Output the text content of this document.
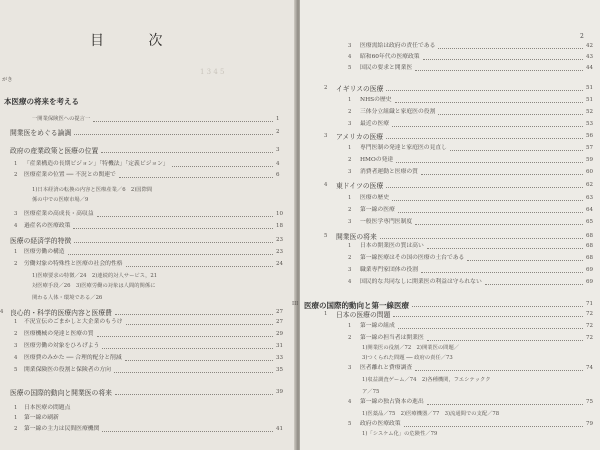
目 次
がき
1 3 4 5
本医療の将来を考える
一開業保険医への提言一	1
開業医をめぐる論調	2
政府の産業政策と医療の位置	3
1 「産業構造の長期ビジョン」「特機法」「定義ビジョン」	4
2 医療産業の位置 ── 不況との関連で	6
1)日本経済の転換の内容と医療産業／6　2)国際間
係の中での医療市場／9
3 医療産業の高成長・高収益	10
4 過産名の医療政策	18
医療の経済学的特徴	23
1 医療労働の構造	23
2 労働対象の特殊性と医療の社会的性格	24
1)医療要求の特徴／24　2)連続的対人サービス，21
対医療手段／26　3)医療労働の対象は人間的関係に
関わる人体・環境である／26
4 良心的・科学的医療内容と医療費	27
1 不況宣伝のごまかしと大企業のもうけ	27
2 医療機械の発達と医療の質	29
3 医療労働の対象をひろげよう	31
4 医療費のみかた ── 合理的配分と削減	33
5 開業保険医の役割と保険者の方向	35
医療の国際的動向と開業医の将来	39
1 日本医療の問題点
1 第一線の刷新
2 第一線の主力は民間医療機関	41
2
3 医療需給は政府の責任である	42
4 昭和60年代の医療政策	43
5 国民の要求と開業医	44
2 イギリスの医療	51
1 NHSの歴史	51
2 三体分立組織と家庭医の役割	52
3 最近の医療	53
3 アメリカの医療	56
1 専門医制の発達と家庭医の見直し	57
2 HMOの発達	59
3 消費者運動と医療の質	60
4 東ドイツの医療	62
1 医療の歴史	63
2 第一線の医療	64
3 一般医学専門医制度	65
5 開業医の将来	68
1 日本の開業医の質は高い	68
2 第一線医療はその国の医療の土台である	68
3 職業専門家団体の役割	69
4 国民的な共同なしに開業医の利益は守られない	69
III 医療の国際的動向と第一線医療	71
1 日本の医療の問題	72
1 第一線の組成	72
2 第一線の担当者は開業医	72
1)開業医の役割／72　2)開業医の問題／
3)つくられた問題 ── 政府の責任／73
3 医者離れと費療調査	74
1)収益調査ゲーム／74　2)各種機関，フエシテックク
ア／75
4 第一線の独占資本の進出	75
1)医薬品／75　2)医療機器／77　3)流通間での支配／78
5 政府の医療政策	79
1)「シスケム化」の危険性／79
